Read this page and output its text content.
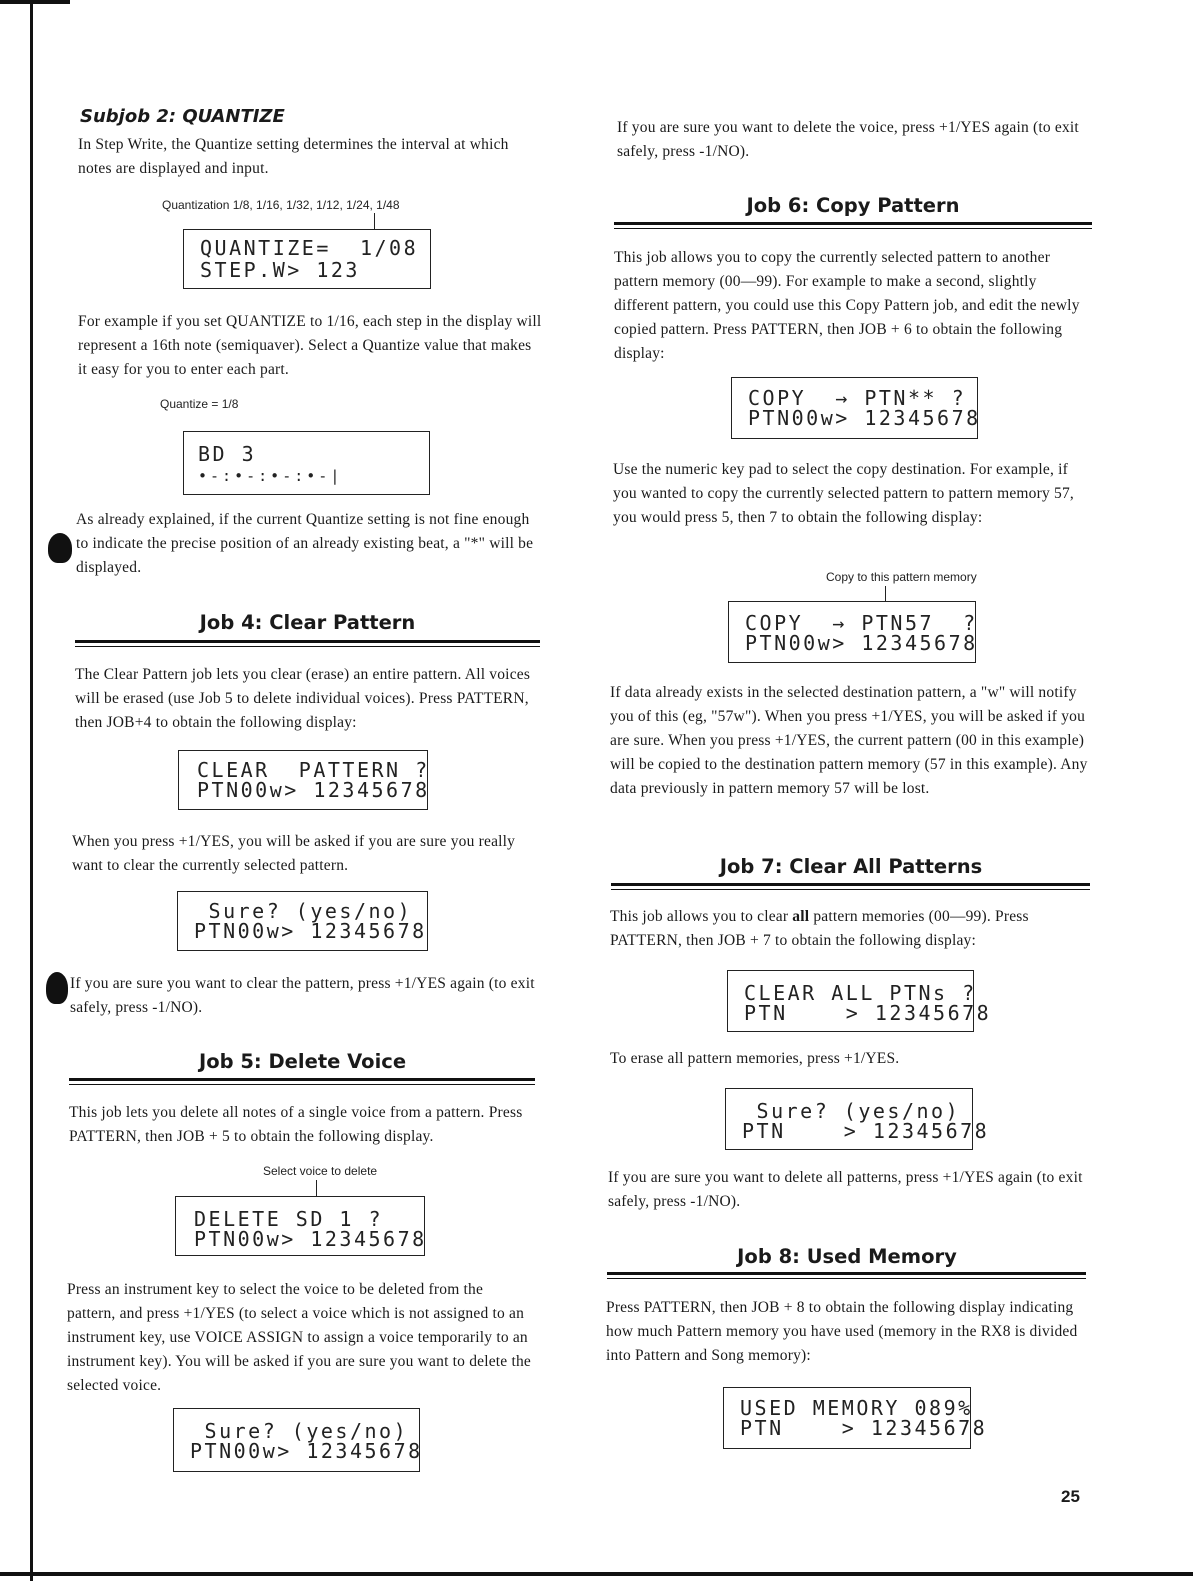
Subjob 2: QUANTIZE
In Step Write, the Quantize setting determines the interval at which notes are displayed and input.
Quantization 1/8, 1/16, 1/32, 1/12, 1/24, 1/48
QUANTIZE=  1/08
STEP.W> 123
For example if you set QUANTIZE to 1/16, each step in the display will represent a 16th note (semiquaver). Select a Quantize value that makes it easy for you to enter each part.
Quantize = 1/8
BD 3
•-:•-:•-:•-|
As already explained, if the current Quantize setting is not fine enough to indicate the precise position of an already existing beat, a "*" will be displayed.
Job 4: Clear Pattern
The Clear Pattern job lets you clear (erase) an entire pattern. All voices will be erased (use Job 5 to delete individual voices). Press PATTERN, then JOB+4 to obtain the following display:
CLEAR  PATTERN ?
PTN00w> 12345678
When you press +1/YES, you will be asked if you are sure you really want to clear the currently selected pattern.
Sure? (yes/no)
PTN00w> 12345678
If you are sure you want to clear the pattern, press +1/YES again (to exit safely, press -1/NO).
Job 5: Delete Voice
This job lets you delete all notes of a single voice from a pattern. Press PATTERN, then JOB + 5 to obtain the following display.
Select voice to delete
DELETE SD 1 ?
PTN00w> 12345678
Press an instrument key to select the voice to be deleted from the pattern, and press +1/YES (to select a voice which is not assigned to an instrument key, use VOICE ASSIGN to assign a voice temporarily to an instrument key). You will be asked if you are sure you want to delete the selected voice.
Sure? (yes/no)
PTN00w> 12345678
If you are sure you want to delete the voice, press +1/YES again (to exit safely, press -1/NO).
Job 6: Copy Pattern
This job allows you to copy the currently selected pattern to another pattern memory (00—99). For example to make a second, slightly different pattern, you could use this Copy Pattern job, and edit the newly copied pattern. Press PATTERN, then JOB + 6 to obtain the following display:
COPY  → PTN** ?
PTN00w> 12345678
Use the numeric key pad to select the copy destination. For example, if you wanted to copy the currently selected pattern to pattern memory 57, you would press 5, then 7 to obtain the following display:
Copy to this pattern memory
COPY  → PTN57  ?
PTN00w> 12345678
If data already exists in the selected destination pattern, a "w" will notify you of this (eg, "57w"). When you press +1/YES, you will be asked if you are sure. When you press +1/YES, the current pattern (00 in this example) will be copied to the destination pattern memory (57 in this example). Any data previously in pattern memory 57 will be lost.
Job 7: Clear All Patterns
This job allows you to clear all pattern memories (00—99). Press PATTERN, then JOB + 7 to obtain the following display:
CLEAR ALL PTNs ?
PTN    > 12345678
To erase all pattern memories, press +1/YES.
Sure? (yes/no)
PTN    > 12345678
If you are sure you want to delete all patterns, press +1/YES again (to exit safely, press -1/NO).
Job 8: Used Memory
Press PATTERN, then JOB + 8 to obtain the following display indicating how much Pattern memory you have used (memory in the RX8 is divided into Pattern and Song memory):
USED MEMORY 089%
PTN    > 12345678
25
